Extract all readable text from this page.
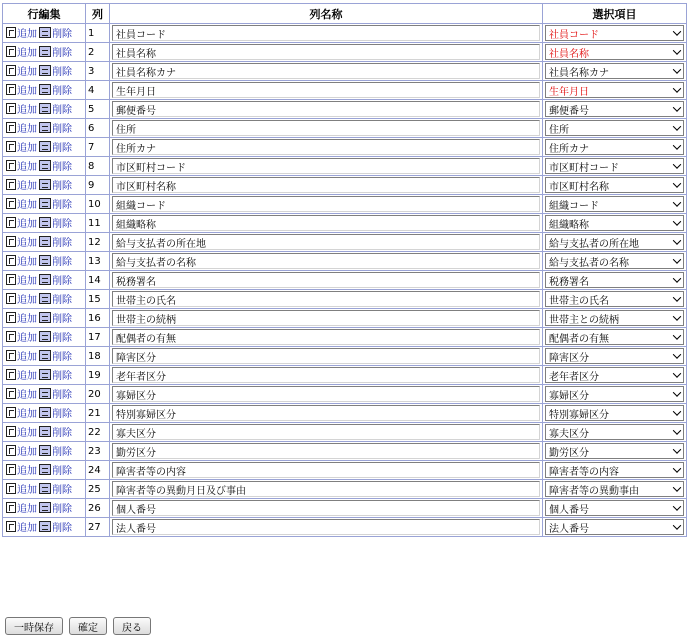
行編集	列	列名称	選択項目

追加 削除	1	社員コード	社員コード

追加 削除	2	社員名称	社員名称

追加 削除	3	社員名称カナ	社員名称カナ

追加 削除	4	生年月日	生年月日

追加 削除	5	郵便番号	郵便番号

追加 削除	6	住所	住所

追加 削除	7	住所カナ	住所カナ

追加 削除	8	市区町村コード	市区町村コード

追加 削除	9	市区町村名称	市区町村名称

追加 削除	10	組織コード	組織コード

追加 削除	11	組織略称	組織略称

追加 削除	12	給与支払者の所在地	給与支払者の所在地

追加 削除	13	給与支払者の名称	給与支払者の名称

追加 削除	14	税務署名	税務署名

追加 削除	15	世帯主の氏名	世帯主の氏名

追加 削除	16	世帯主の続柄	世帯主との続柄

追加 削除	17	配偶者の有無	配偶者の有無

追加 削除	18	障害区分	障害区分

追加 削除	19	老年者区分	老年者区分

追加 削除	20	寡婦区分	寡婦区分

追加 削除	21	特別寡婦区分	特別寡婦区分

追加 削除	22	寡夫区分	寡夫区分

追加 削除	23	勤労区分	勤労区分

追加 削除	24	障害者等の内容	障害者等の内容

追加 削除	25	障害者等の異動月日及び事由	障害者等の異動事由

追加 削除	26	個人番号	個人番号

追加 削除	27	法人番号	法人番号
一時保存	確定	戻る
